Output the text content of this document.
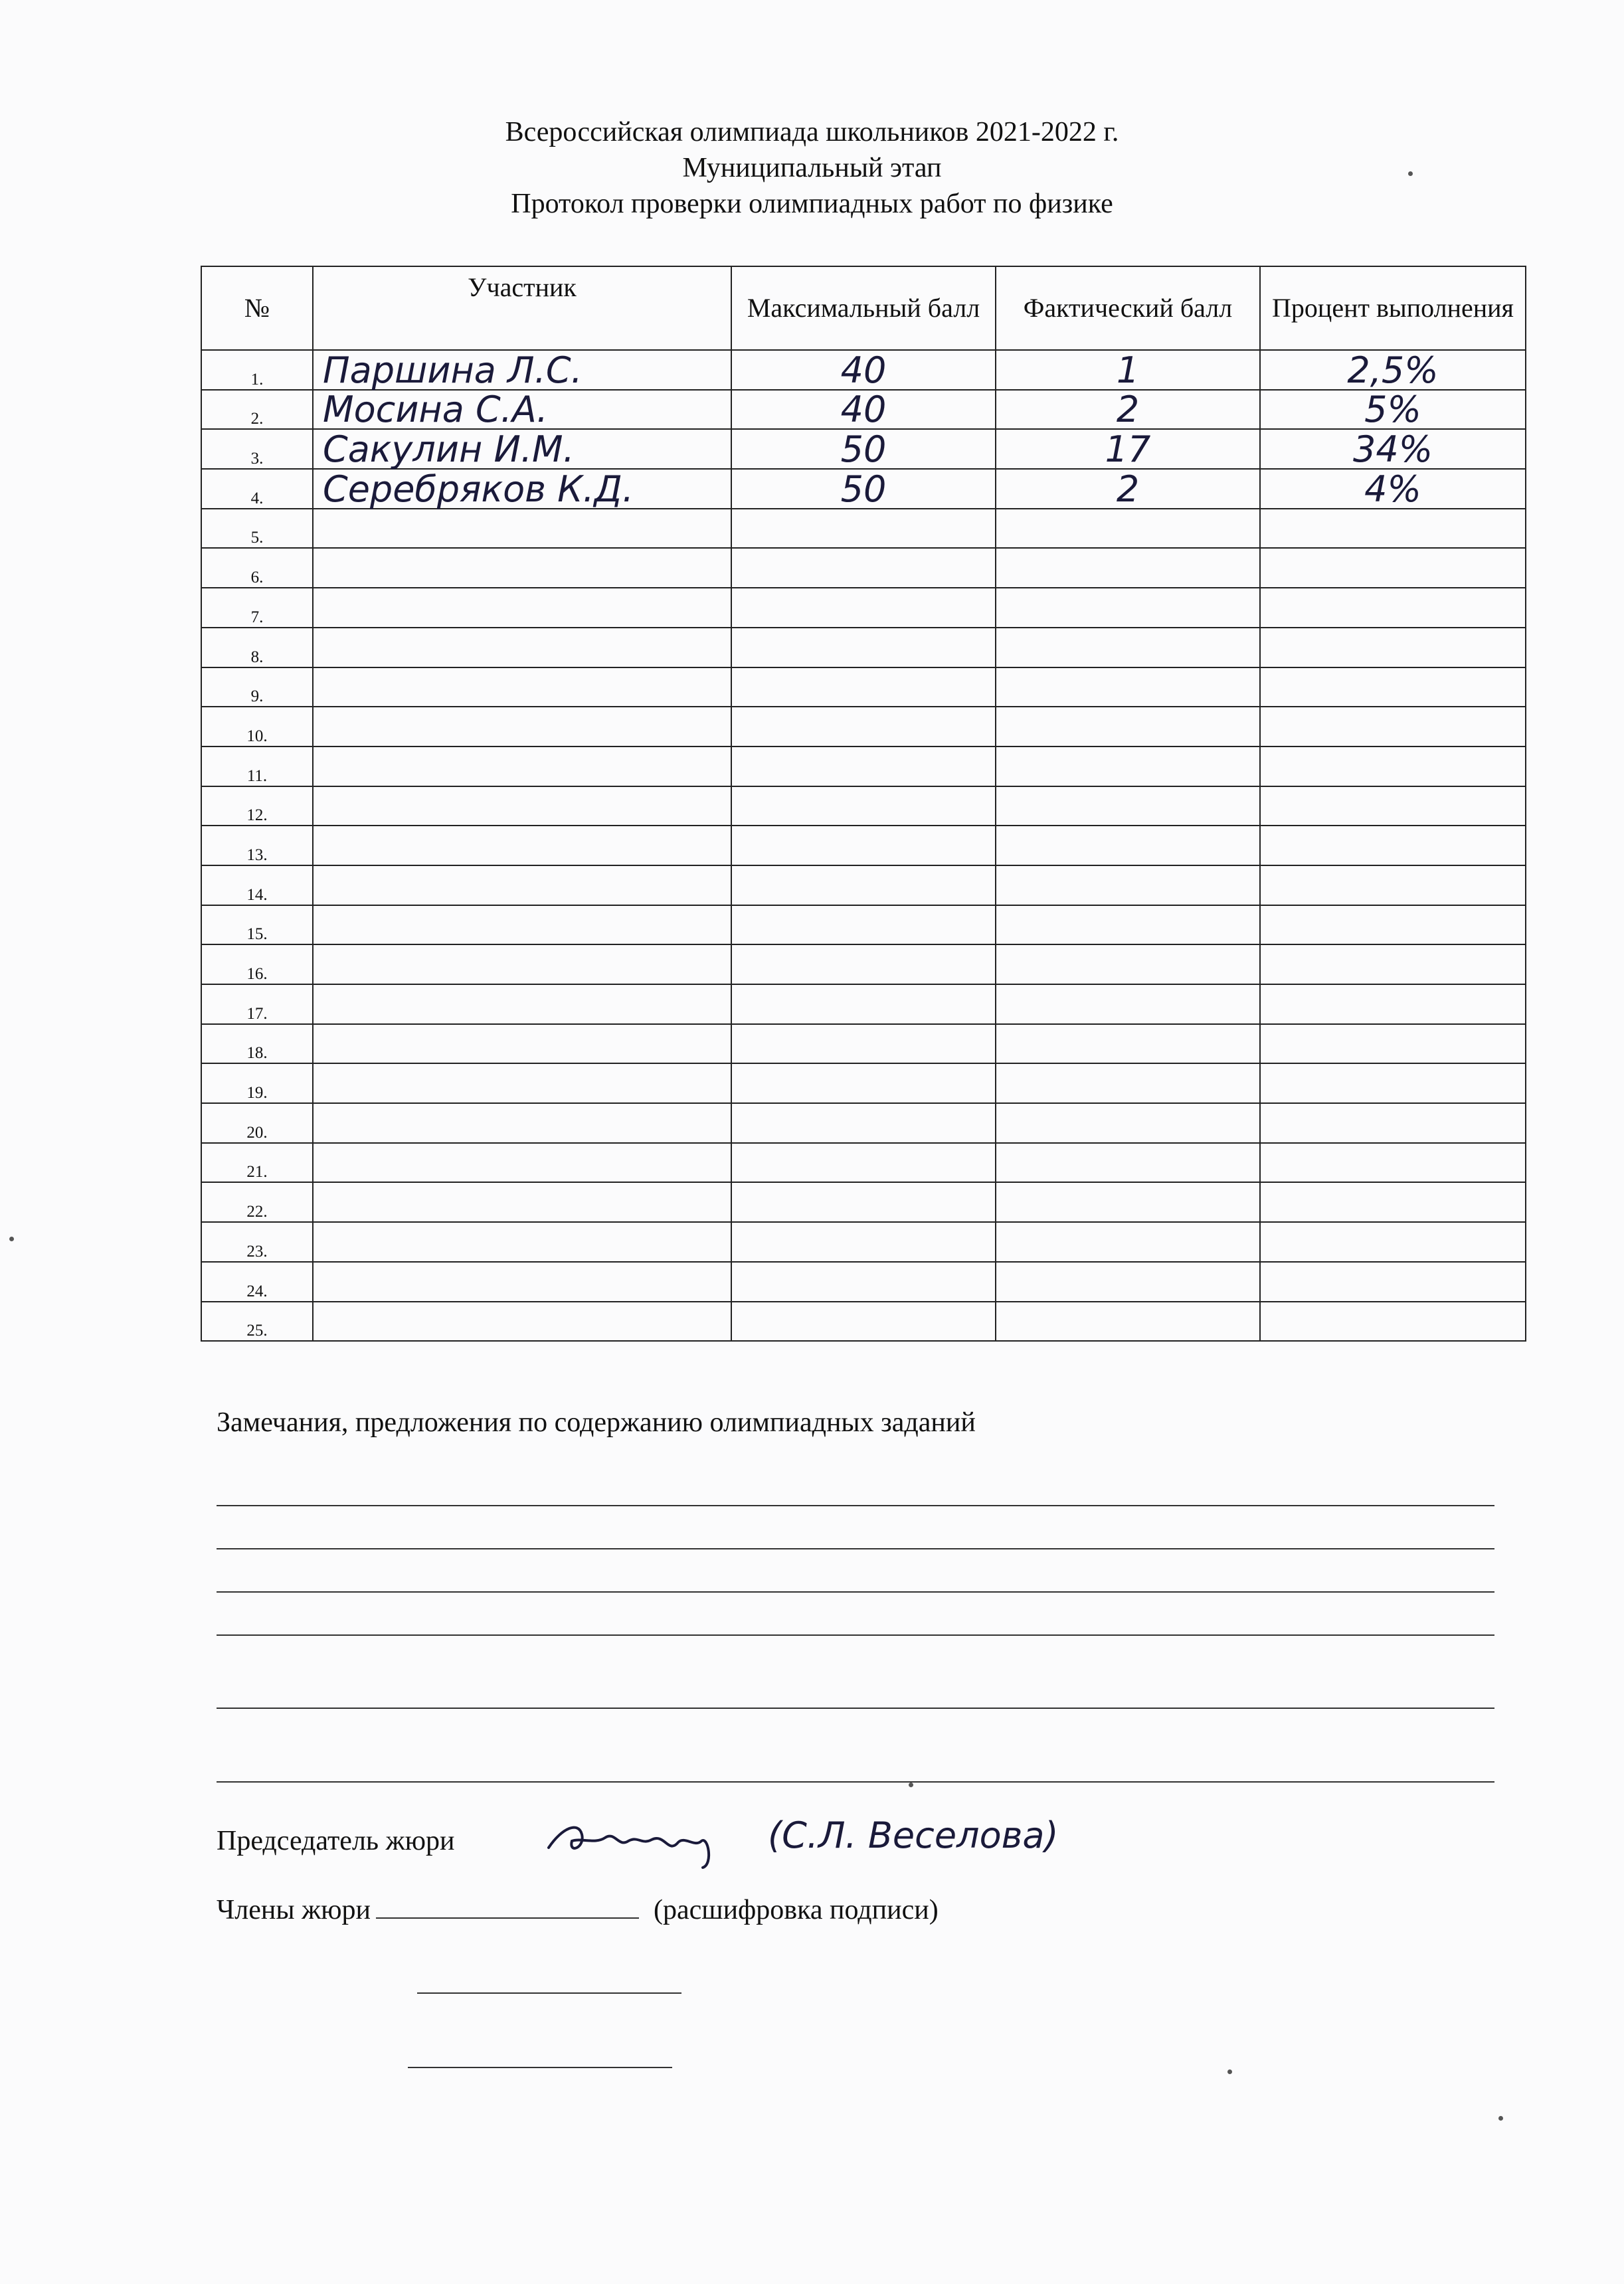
Всероссийская олимпиада школьников 2021-2022 г.
Муниципальный этап
Протокол проверки олимпиадных работ по физике
№	Участник	Максимальный балл	Фактический балл	Процент выполнения
1.	Паршина Л.С.	40	1	2,5%
2.	Мосина С.А.	40	2	5%
3.	Сакулин И.М.	50	17	34%
4.	Серебряков К.Д.	50	2	4%
5.				
6.				
7.				
8.				
9.				
10.				
11.				
12.				
13.				
14.				
15.				
16.				
17.				
18.				
19.				
20.				
21.				
22.				
23.				
24.				
25.				
Замечания, предложения по содержанию олимпиадных заданий
Председатель жюри	(С.Л. Веселова)
Члены жюри	(расшифровка подписи)
